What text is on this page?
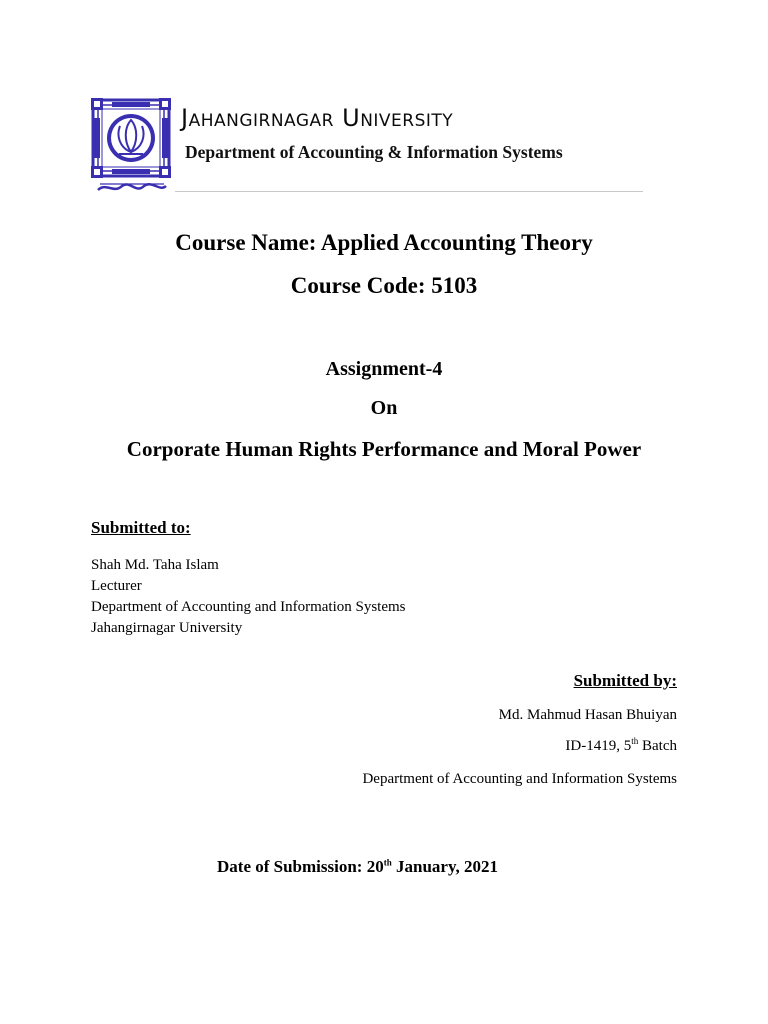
Jahangirnagar University
Department of Accounting & Information Systems
Course Name: Applied Accounting Theory
Course Code: 5103
Assignment-4
On
Corporate Human Rights Performance and Moral Power
Submitted to:
Shah Md. Taha Islam
Lecturer
Department of Accounting and Information Systems
Jahangirnagar University
Submitted by:
Md. Mahmud Hasan Bhuiyan
ID-1419, 5th Batch
Department of Accounting and Information Systems
Date of Submission: 20th January, 2021
